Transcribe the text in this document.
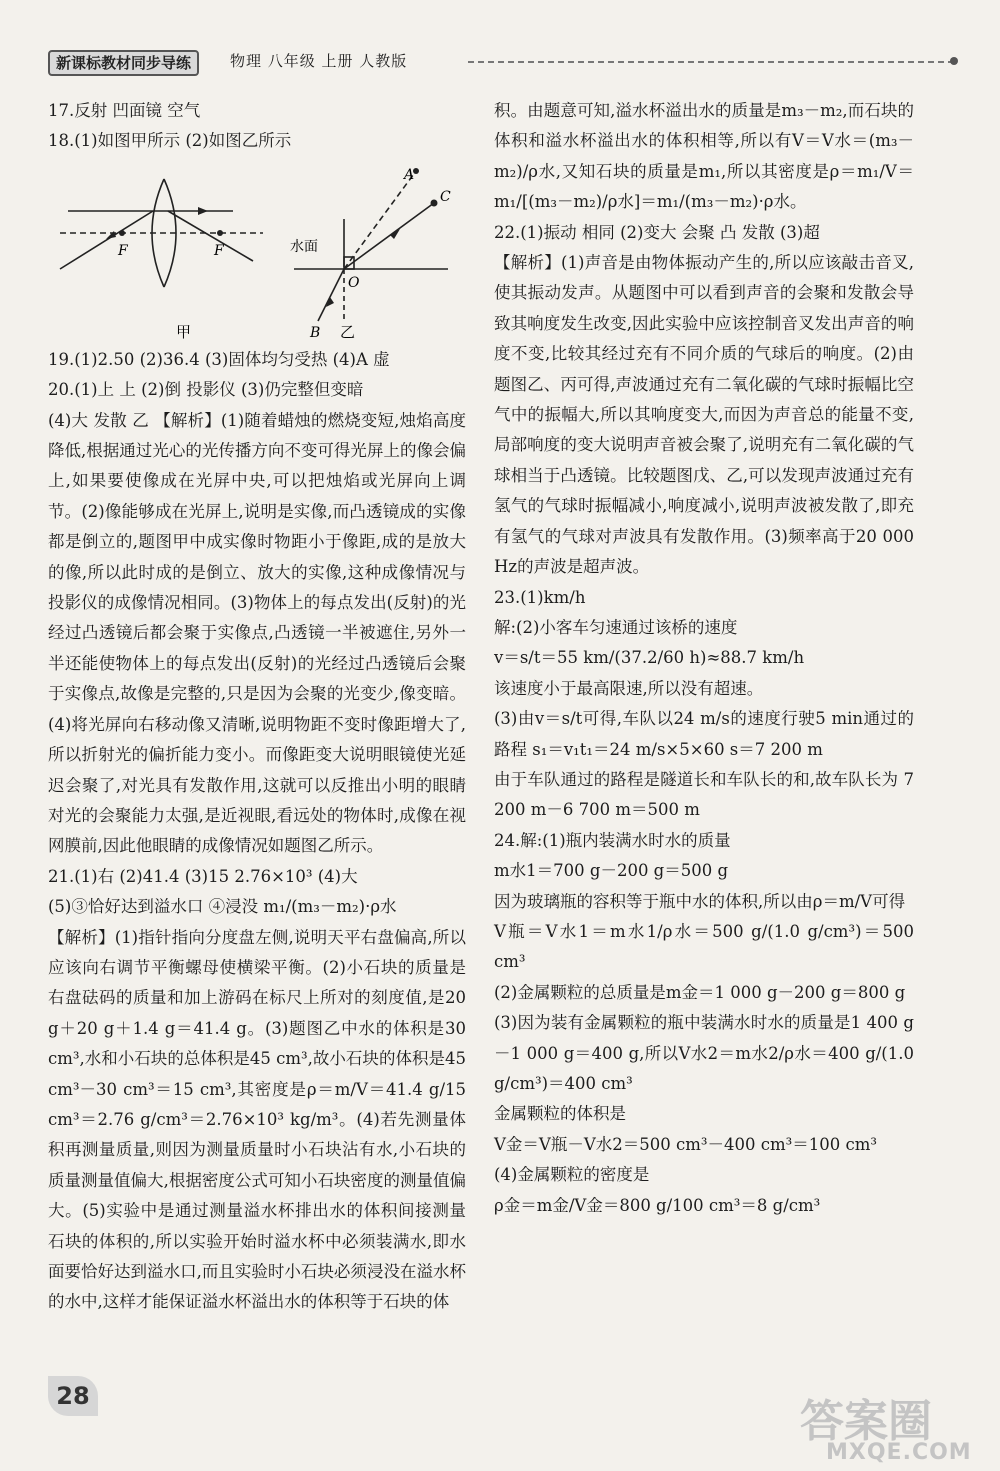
新课标教材同步导练	物理 八年级 上册 人教版

17.反射 凹面镜 空气

18.(1)如图甲所示 (2)如图乙所示

F	F
甲
水面
A
C
O
B 乙

19.(1)2.50 (2)36.4 (3)固体均匀受热 (4)A 虚

20.(1)上 上 (2)倒 投影仪 (3)仍完整但变暗

(4)大 发散 乙 【解析】(1)随着蜡烛的燃烧变短,烛焰高度降低,根据通过光心的光传播方向不变可得光屏上的像会偏上,如果要使像成在光屏中央,可以把烛焰或光屏向上调节。(2)像能够成在光屏上,说明是实像,而凸透镜成的实像都是倒立的,题图甲中成实像时物距小于像距,成的是放大的像,所以此时成的是倒立、放大的实像,这种成像情况与投影仪的成像情况相同。(3)物体上的每点发出(反射)的光经过凸透镜后都会聚于实像点,凸透镜一半被遮住,另外一半还能使物体上的每点发出(反射)的光经过凸透镜后会聚于实像点,故像是完整的,只是因为会聚的光变少,像变暗。(4)将光屏向右移动像又清晰,说明物距不变时像距增大了,所以折射光的偏折能力变小。而像距变大说明眼镜使光延迟会聚了,对光具有发散作用,这就可以反推出小明的眼睛对光的会聚能力太强,是近视眼,看远处的物体时,成像在视网膜前,因此他眼睛的成像情况如题图乙所示。

21.(1)右 (2)41.4 (3)15 2.76×10³ (4)大

(5)③恰好达到溢水口 ④浸没 m₁/(m₃－m₂)·ρ水

【解析】(1)指针指向分度盘左侧,说明天平右盘偏高,所以应该向右调节平衡螺母使横梁平衡。(2)小石块的质量是右盘砝码的质量和加上游码在标尺上所对的刻度值,是20 g＋20 g＋1.4 g＝41.4 g。(3)题图乙中水的体积是30 cm³,水和小石块的总体积是45 cm³,故小石块的体积是45 cm³－30 cm³＝15 cm³,其密度是ρ＝m/V＝41.4 g/15 cm³＝2.76 g/cm³＝2.76×10³ kg/m³。(4)若先测量体积再测量质量,则因为测量质量时小石块沾有水,小石块的质量测量值偏大,根据密度公式可知小石块密度的测量值偏大。(5)实验中是通过测量溢水杯排出水的体积间接测量石块的体积的,所以实验开始时溢水杯中必须装满水,即水面要恰好达到溢水口,而且实验时小石块必须浸没在溢水杯的水中,这样才能保证溢水杯溢出水的体积等于石块的体

积。由题意可知,溢水杯溢出水的质量是m₃－m₂,而石块的体积和溢水杯溢出水的体积相等,所以有V＝V水＝(m₃－m₂)/ρ水,又知石块的质量是m₁,所以其密度是ρ＝m₁/V＝m₁/[(m₃－m₂)/ρ水]＝m₁/(m₃－m₂)·ρ水。

22.(1)振动 相同 (2)变大 会聚 凸 发散 (3)超

【解析】(1)声音是由物体振动产生的,所以应该敲击音叉,使其振动发声。从题图中可以看到声音的会聚和发散会导致其响度发生改变,因此实验中应该控制音叉发出声音的响度不变,比较其经过充有不同介质的气球后的响度。(2)由题图乙、丙可得,声波通过充有二氧化碳的气球时振幅比空气中的振幅大,所以其响度变大,而因为声音总的能量不变,局部响度的变大说明声音被会聚了,说明充有二氧化碳的气球相当于凸透镜。比较题图戊、乙,可以发现声波通过充有氢气的气球时振幅减小,响度减小,说明声波被发散了,即充有氢气的气球对声波具有发散作用。(3)频率高于20 000 Hz的声波是超声波。

23.(1)km/h

解:(2)小客车匀速通过该桥的速度

v＝s/t＝55 km/(37.2/60 h)≈88.7 km/h

该速度小于最高限速,所以没有超速。

(3)由v＝s/t可得,车队以24 m/s的速度行驶5 min通过的路程 s₁＝v₁t₁＝24 m/s×5×60 s＝7 200 m

由于车队通过的路程是隧道长和车队长的和,故车队长为 7 200 m－6 700 m＝500 m

24.解:(1)瓶内装满水时水的质量

m水1＝700 g－200 g＝500 g

因为玻璃瓶的容积等于瓶中水的体积,所以由ρ＝m/V可得

V瓶＝V水1＝m水1/ρ水＝500 g/(1.0 g/cm³)＝500 cm³

(2)金属颗粒的总质量是m金＝1 000 g－200 g＝800 g

(3)因为装有金属颗粒的瓶中装满水时水的质量是1 400 g－1 000 g＝400 g,所以V水2＝m水2/ρ水＝400 g/(1.0 g/cm³)＝400 cm³

金属颗粒的体积是

V金＝V瓶－V水2＝500 cm³－400 cm³＝100 cm³

(4)金属颗粒的密度是

ρ金＝m金/V金＝800 g/100 cm³＝8 g/cm³

28	答案圈
MXQE.COM
